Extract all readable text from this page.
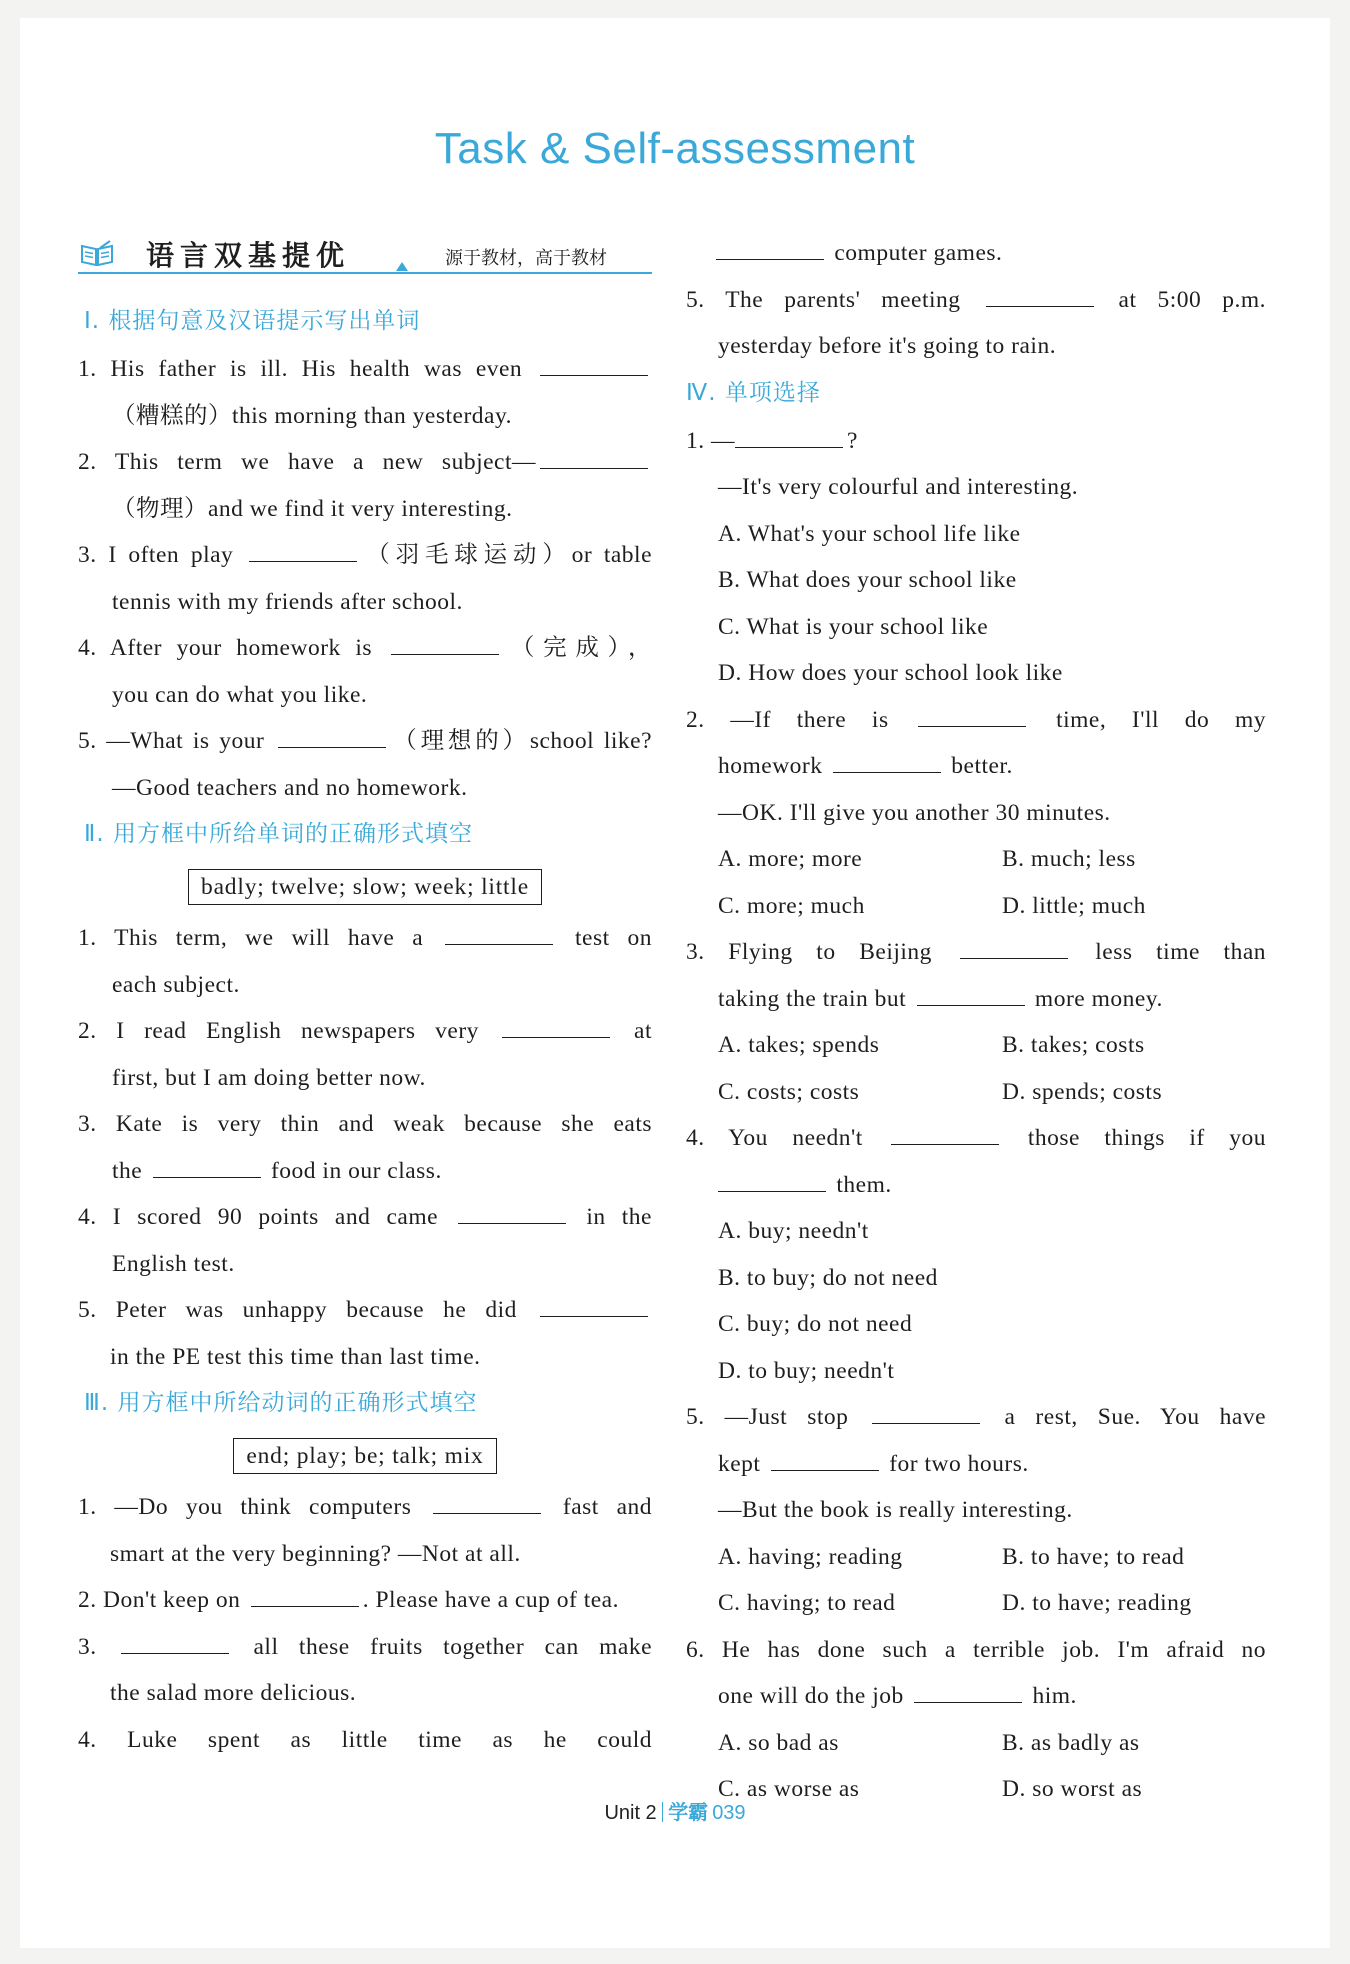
Task & Self-assessment
语言双基提优	源于教材，高于教材
Ⅰ. 根据句意及汉语提示写出单词
1. His father is ill. His health was even
（糟糕的）this morning than yesterday.
2. This term we have a new subject—
（物理）and we find it very interesting.
3. I often play	（羽毛球运动）or table
tennis with my friends after school.
4. After your homework is	（完成），
you can do what you like.
5. —What is your	（理想的）school like?
—Good teachers and no homework.
Ⅱ. 用方框中所给单词的正确形式填空
badly; twelve; slow; week; little
1. This term, we will have a	test on
each subject.
2. I read English newspapers very	at
first, but I am doing better now.
3. Kate is very thin and weak because she eats
the	food in our class.
4. I scored 90 points and came	in the
English test.
5. Peter was unhappy because he did
in the PE test this time than last time.
Ⅲ. 用方框中所给动词的正确形式填空
end; play; be; talk; mix
1. —Do you think computers	fast and
smart at the very beginning? —Not at all.
2. Don't keep on	. Please have a cup of tea.
3.	all these fruits together can make
the salad more delicious.
4. Luke spent as little time as he could
computer games.
5. The parents' meeting	at 5:00 p.m.
yesterday before it's going to rain.
Ⅳ. 单项选择
1. —	?
—It's very colourful and interesting.
A. What's your school life like
B. What does your school like
C. What is your school like
D. How does your school look like
2. —If there is	time, I'll do my
homework	better.
—OK. I'll give you another 30 minutes.
A. more; more	B. much; less
C. more; much	D. little; much
3. Flying to Beijing	less time than
taking the train but	more money.
A. takes; spends	B. takes; costs
C. costs; costs	D. spends; costs
4. You needn't	those things if you
them.
A. buy; needn't
B. to buy; do not need
C. buy; do not need
D. to buy; needn't
5. —Just stop	a rest, Sue. You have
kept	for two hours.
—But the book is really interesting.
A. having; reading	B. to have; to read
C. having; to read	D. to have; reading
6. He has done such a terrible job. I'm afraid no
one will do the job	him.
A. so bad as	B. as badly as
C. as worse as	D. so worst as
Unit 2 学霸 039
